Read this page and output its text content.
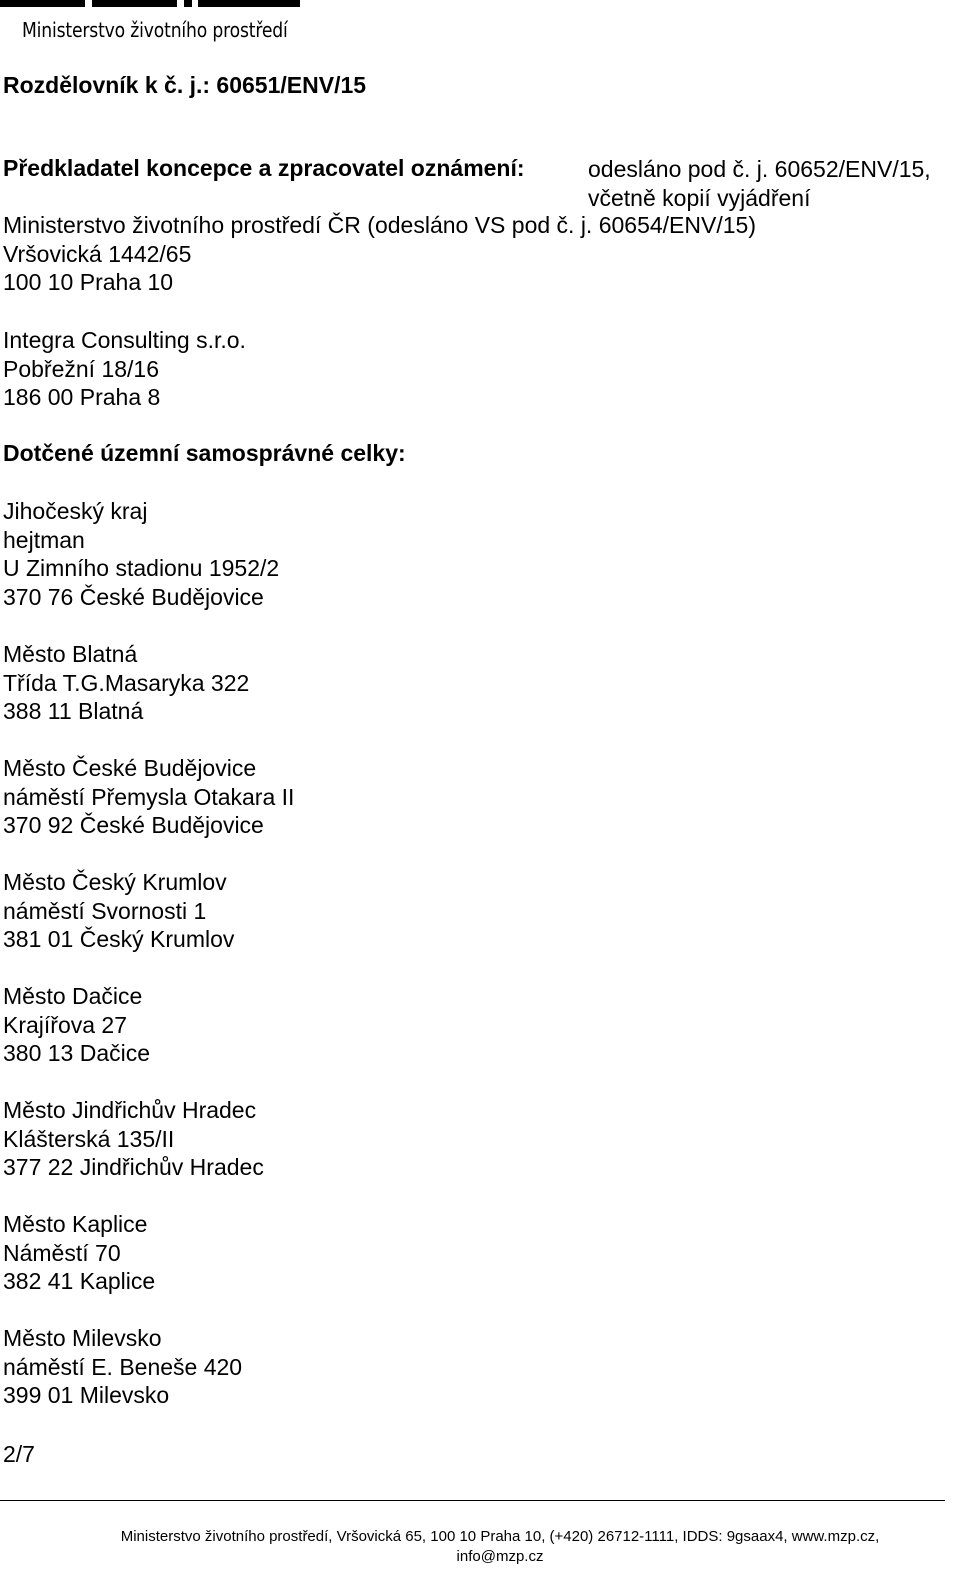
Ministerstvo životního prostředí
Rozdělovník k č. j.: 60651/ENV/15
Předkladatel koncepce a zpracovatel oznámení:	odesláno pod č. j. 60652/ENV/15,
včetně kopií vyjádření
Ministerstvo životního prostředí ČR (odesláno VS pod č. j. 60654/ENV/15)
Vršovická 1442/65
100 10 Praha 10
Integra Consulting s.r.o.
Pobřežní 18/16
186 00 Praha 8
Dotčené územní samosprávné celky:
Jihočeský kraj
hejtman
U Zimního stadionu 1952/2
370 76 České Budějovice
Město Blatná
Třída T.G.Masaryka 322
388 11 Blatná
Město České Budějovice
náměstí Přemysla Otakara II
370 92 České Budějovice
Město Český Krumlov
náměstí Svornosti 1
381 01 Český Krumlov
Město Dačice
Krajířova 27
380 13 Dačice
Město Jindřichův Hradec
Klášterská 135/II
377 22 Jindřichův Hradec
Město Kaplice
Náměstí 70
382 41 Kaplice
Město Milevsko
náměstí E. Beneše 420
399 01 Milevsko
2/7
Ministerstvo životního prostředí, Vršovická 65, 100 10 Praha 10, (+420) 26712-1111, IDDS: 9gsaax4, www.mzp.cz,
info@mzp.cz
